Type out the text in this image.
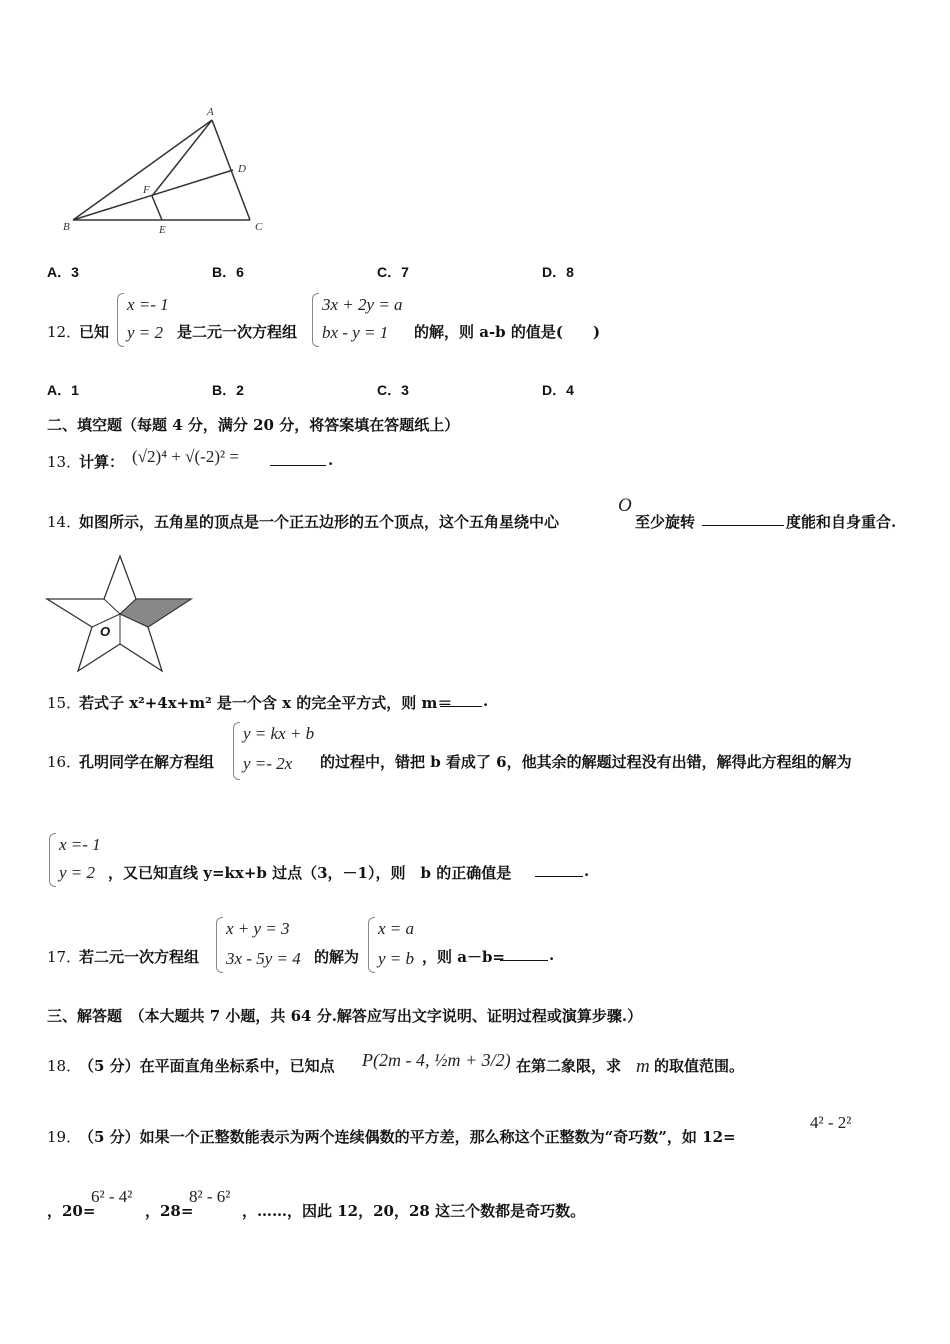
A
B	C
D
E
F
A．3	B．6	C．7	D．8
12．
已知
x =- 1
y = 2 是二元一次方程组
3x + 2y = a
bx - y = 1 的解，则 a-b 的值是(　　)
A．1	B．2	C．3	D．4
二、填空题（每题 4 分，满分 20 分，将答案填在答题纸上）
13．
计算： (√2)⁴ + √(-2)² =	.
14．
如图所示，五角星的顶点是一个正五边形的五个顶点，这个五角星绕中心
O
至少旋转	度能和自身重合.
O
15．
若式子 x²+4x+m² 是一个含 x 的完全平方式，则 m＝ .
16．
孔明同学在解方程组
y = kx + b
y =- 2x 的过程中，错把 b 看成了 6，他其余的解题过程没有出错，解得此方程组的解为
x =- 1
y = 2 ，又已知直线 y=kx+b 过点（3，－1），则　b 的正确值是	.
17．
若二元一次方程组
x + y = 3
3x - 5y = 4 的解为
x = a
y = b ，则 a－b=	.
三、解答题　（本大题共 7 小题，共 64 分.解答应写出文字说明、证明过程或演算步骤.）
18．
（5 分）在平面直角坐标系中，已知点 P(2m - 4, ½m + 3/2) 在第二象限，求 m 的取值范围。
19．
（5 分）如果一个正整数能表示为两个连续偶数的平方差，那么称这个正整数为“奇巧数”，如 12=
4² - 2²
，20=
6² - 4²
，28=
8² - 6²
，……，因此 12，20，28 这三个数都是奇巧数。
